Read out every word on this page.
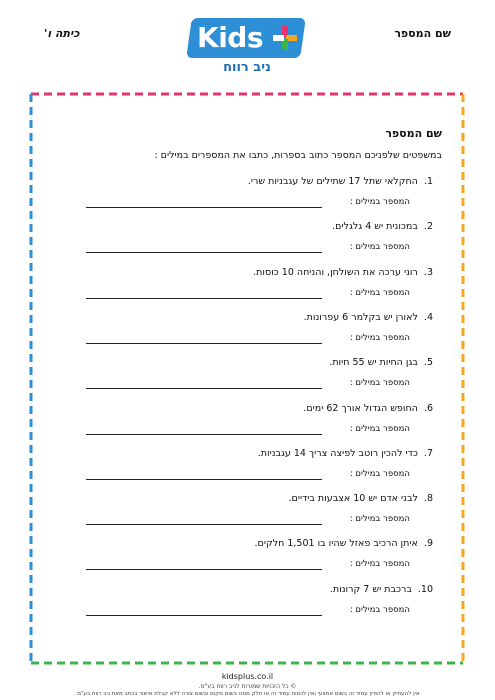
שם המספר
כיתה ו'	Kids
ניב רווח
שם המספר
במשפטים שלפניכם המספר כתוב בספרות, כתבו את המספרים במילים :
1.  החקלאי שתל 17 שתילים של עגבניות שרי.
המספר במילים :
2.  במכונית יש 4 גלגלים.
המספר במילים :
3.  רוני ערכה את השולחן, והניחה 10 כוסות.
המספר במילים :
4.  לאורן יש בקלמר 6 עפרונות.
המספר במילים :
5.  בגן החיות יש 55 חיות.
המספר במילים :
6.  החופש הגדול אורך 62 ימים.
המספר במילים :
7.  כדי להכין רוטב לפיצה צריך 14 עגבניות.
המספר במילים :
8.  לבני אדם יש 10 אצבעות בידיים.
המספר במילים :
9.  איתן הרכיב פאזל שהיו בו 1,501 חלקים.
המספר במילים :
10.  ברכבת יש 7 קרונות.
המספר במילים :
kidsplus.co.il
© כל הזכויות שמורות לניב רווח בע"מ.
אין להעתיק או להפיץ עמוד זה בשום אמצעי ואין לכסות עמוד זה או חלק ממנו בשום מקום ובשום צורה ללא קבלת אישור בכתב מאת ניב רווח בע"מ.
